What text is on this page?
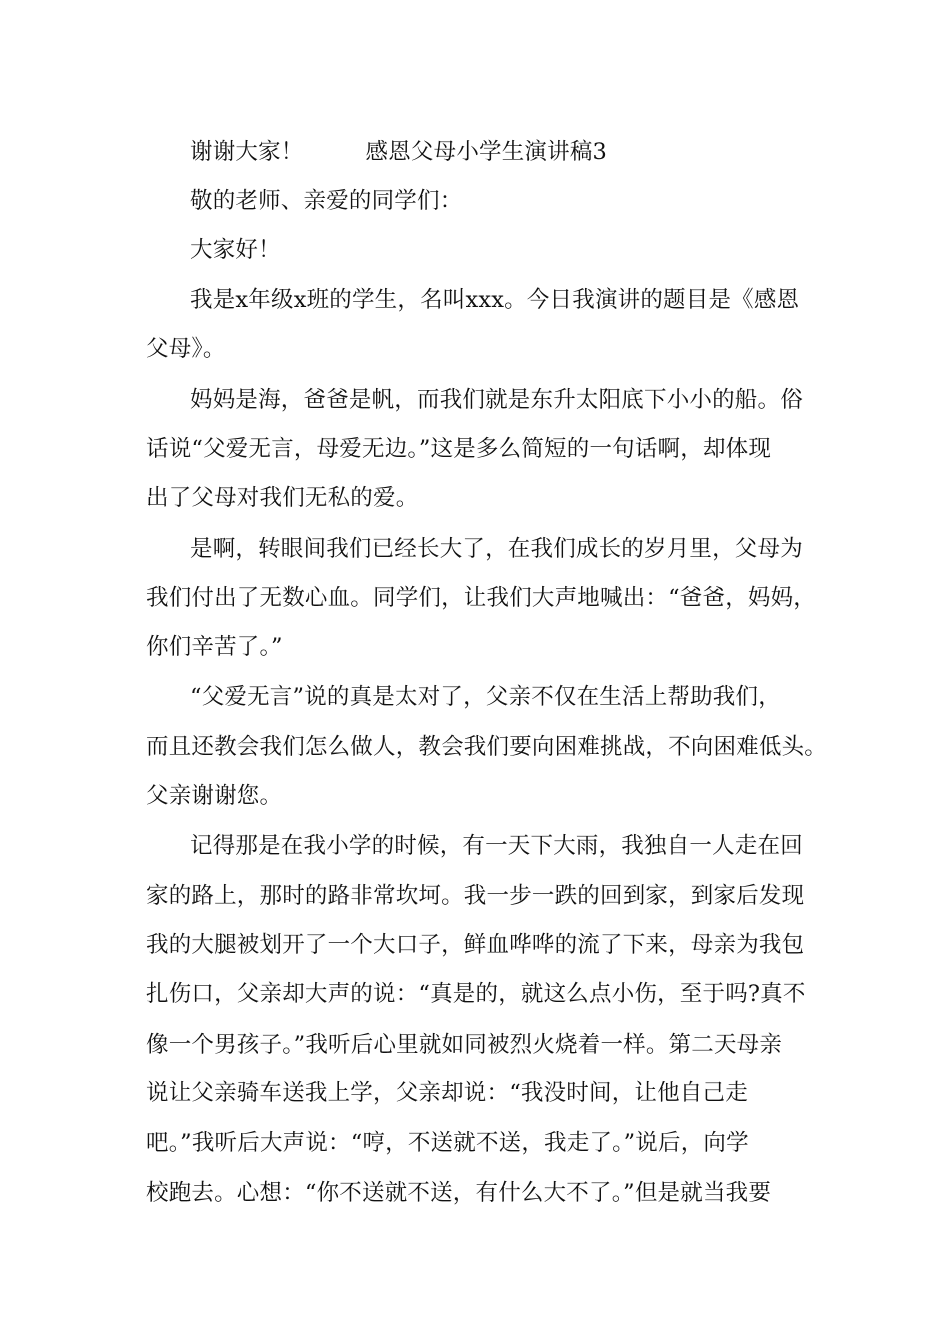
谢谢大家！	感恩父母小学生演讲稿3
敬的老师、亲爱的同学们：
大家好！
我是x年级x班的学生，名叫xxx。今日我演讲的题目是《感恩
父母》。
妈妈是海，爸爸是帆，而我们就是东升太阳底下小小的船。俗
话说“父爱无言，母爱无边。”这是多么简短的一句话啊，却体现
出了父母对我们无私的爱。
是啊，转眼间我们已经长大了，在我们成长的岁月里，父母为
我们付出了无数心血。同学们，让我们大声地喊出：“爸爸，妈妈，
你们辛苦了。”
“父爱无言”说的真是太对了，父亲不仅在生活上帮助我们，
而且还教会我们怎么做人，教会我们要向困难挑战，不向困难低头。
父亲谢谢您。
记得那是在我小学的时候，有一天下大雨，我独自一人走在回
家的路上，那时的路非常坎坷。我一步一跌的回到家，到家后发现
我的大腿被划开了一个大口子，鲜血哗哗的流了下来，母亲为我包
扎伤口，父亲却大声的说：“真是的，就这么点小伤，至于吗?真不
像一个男孩子。”我听后心里就如同被烈火烧着一样。第二天母亲
说让父亲骑车送我上学，父亲却说：“我没时间，让他自己走
吧。”我听后大声说：“哼，不送就不送，我走了。”说后，向学
校跑去。心想：“你不送就不送，有什么大不了。”但是就当我要
